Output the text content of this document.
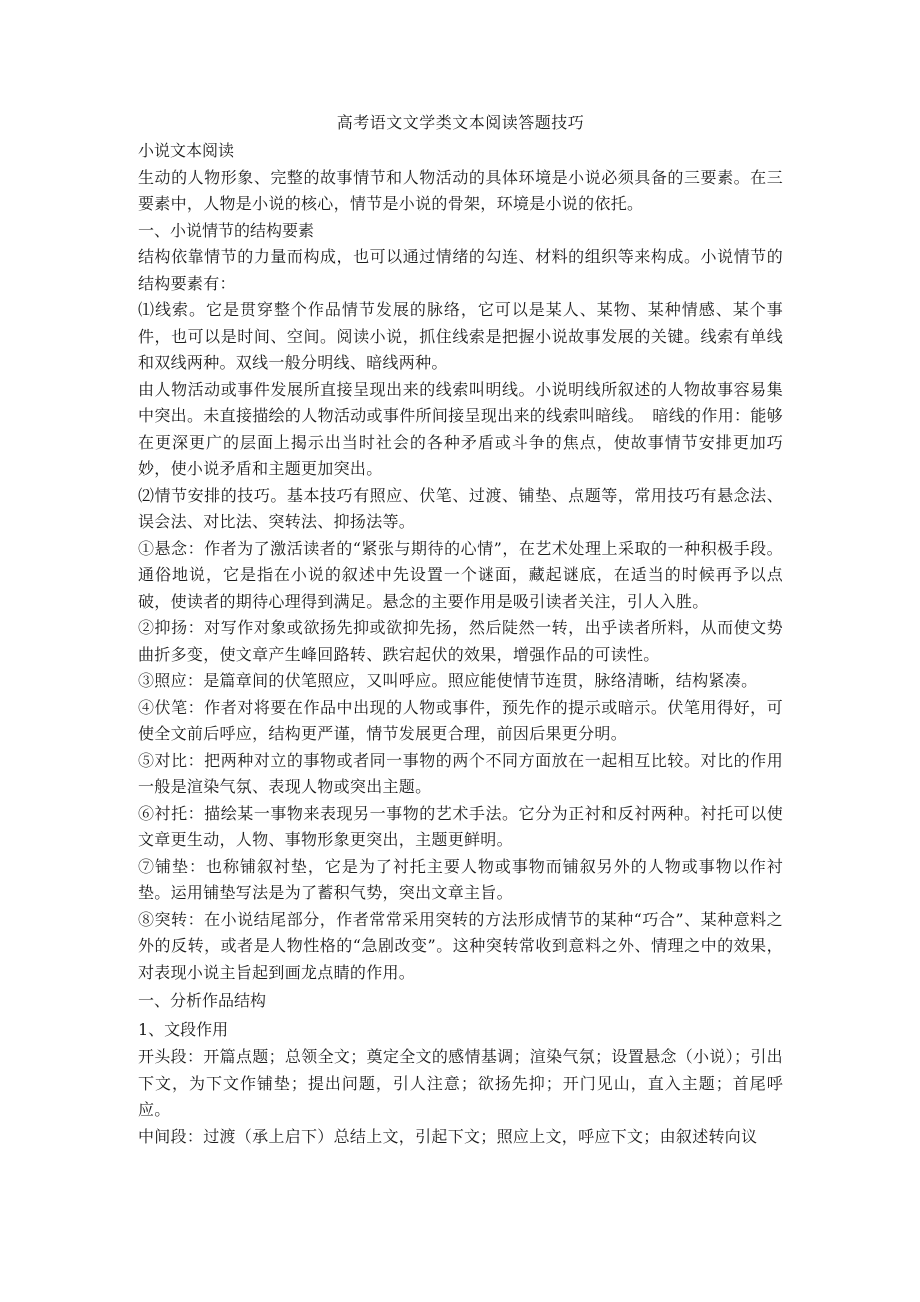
高考语文文学类文本阅读答题技巧

小说文本阅读

生动的人物形象、完整的故事情节和人物活动的具体环境是小说必须具备的三要素。在三要素中，人物是小说的核心，情节是小说的骨架，环境是小说的依托。

一、小说情节的结构要素

结构依靠情节的力量而构成，也可以通过情绪的勾连、材料的组织等来构成。小说情节的结构要素有：

⑴线索。它是贯穿整个作品情节发展的脉络，它可以是某人、某物、某种情感、某个事件，也可以是时间、空间。阅读小说，抓住线索是把握小说故事发展的关键。线索有单线和双线两种。双线一般分明线、暗线两种。

由人物活动或事件发展所直接呈现出来的线索叫明线。小说明线所叙述的人物故事容易集中突出。未直接描绘的人物活动或事件所间接呈现出来的线索叫暗线。　暗线的作用：能够在更深更广的层面上揭示出当时社会的各种矛盾或斗争的焦点，使故事情节安排更加巧妙，使小说矛盾和主题更加突出。

⑵情节安排的技巧。基本技巧有照应、伏笔、过渡、铺垫、点题等，常用技巧有悬念法、误会法、对比法、突转法、抑扬法等。

①悬念：作者为了激活读者的“紧张与期待的心情”，在艺术处理上采取的一种积极手段。通俗地说，它是指在小说的叙述中先设置一个谜面，藏起谜底，在适当的时候再予以点破，使读者的期待心理得到满足。悬念的主要作用是吸引读者关注，引人入胜。

②抑扬：对写作对象或欲扬先抑或欲抑先扬，然后陡然一转，出乎读者所料，从而使文势曲折多变，使文章产生峰回路转、跌宕起伏的效果，增强作品的可读性。

③照应：是篇章间的伏笔照应，又叫呼应。照应能使情节连贯，脉络清晰，结构紧凑。

④伏笔：作者对将要在作品中出现的人物或事件，预先作的提示或暗示。伏笔用得好，可使全文前后呼应，结构更严谨，情节发展更合理，前因后果更分明。

⑤对比：把两种对立的事物或者同一事物的两个不同方面放在一起相互比较。对比的作用一般是渲染气氛、表现人物或突出主题。

⑥衬托：描绘某一事物来表现另一事物的艺术手法。它分为正衬和反衬两种。衬托可以使文章更生动，人物、事物形象更突出，主题更鲜明。

⑦铺垫：也称铺叙衬垫，它是为了衬托主要人物或事物而铺叙另外的人物或事物以作衬垫。运用铺垫写法是为了蓄积气势，突出文章主旨。

⑧突转：在小说结尾部分，作者常常采用突转的方法形成情节的某种“巧合”、某种意料之外的反转，或者是人物性格的“急剧改变”。这种突转常收到意料之外、情理之中的效果，对表现小说主旨起到画龙点睛的作用。

一、分析作品结构

1、文段作用

开头段：开篇点题；总领全文；奠定全文的感情基调；渲染气氛；设置悬念（小说）；引出下文，为下文作铺垫；提出问题，引人注意；欲扬先抑；开门见山，直入主题；首尾呼应。

中间段：过渡（承上启下）总结上文，引起下文；照应上文，呼应下文；由叙述转向议
